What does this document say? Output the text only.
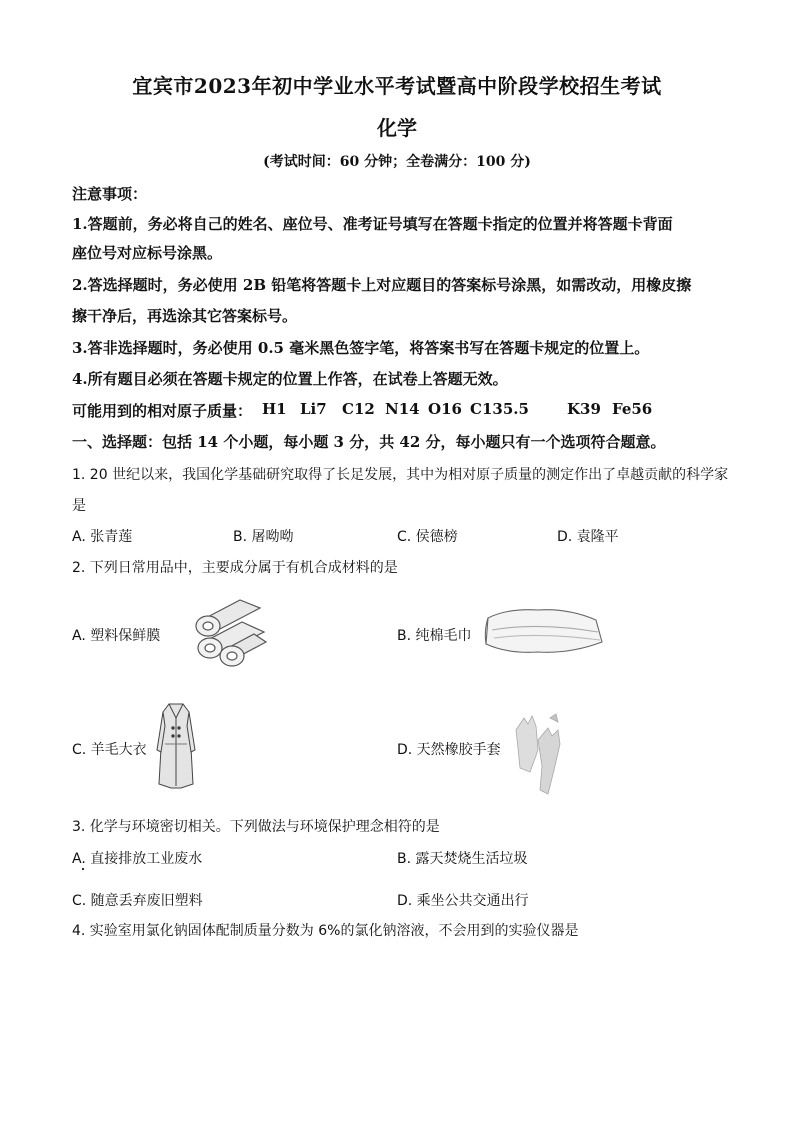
宜宾市2023年初中学业水平考试暨高中阶段学校招生考试
化学
(考试时间：60 分钟；全卷满分：100 分)
注意事项：
1.答题前，务必将自己的姓名、座位号、准考证号填写在答题卡指定的位置并将答题卡背面
座位号对应标号涂黑。
2.答选择题时，务必使用 2B 铅笔将答题卡上对应题目的答案标号涂黑，如需改动，用橡皮擦
擦干净后，再选涂其它答案标号。
3.答非选择题时，务必使用 0.5 毫米黑色签字笔，将答案书写在答题卡规定的位置上。
4.所有题目必须在答题卡规定的位置上作答，在试卷上答题无效。
可能用到的相对原子质量： H1 Li7 C12 N14 O16 C135.5	K39 Fe56
一、选择题：包括 14 个小题，每小题 3 分，共 42 分，每小题只有一个选项符合题意。
1. 20 世纪以来，我国化学基础研究取得了长足发展，其中为相对原子质量的测定作出了卓越贡献的科学家
是
A. 张青莲	B. 屠呦呦	C. 侯德榜	D. 袁隆平
2. 下列日常用品中，主要成分属于有机合成材料的是
A. 塑料保鲜膜	B. 纯棉毛巾
C. 羊毛大衣	D. 天然橡胶手套
3. 化学与环境密切相关。下列做法与环境保护理念相符的是
A. 直接排放工业废水	B. 露天焚烧生活垃圾
C. 随意丢弃废旧塑料	D. 乘坐公共交通出行
4. 实验室用氯化钠固体配制质量分数为 6%的氯化钠溶液，不会用到的实验仪器是
